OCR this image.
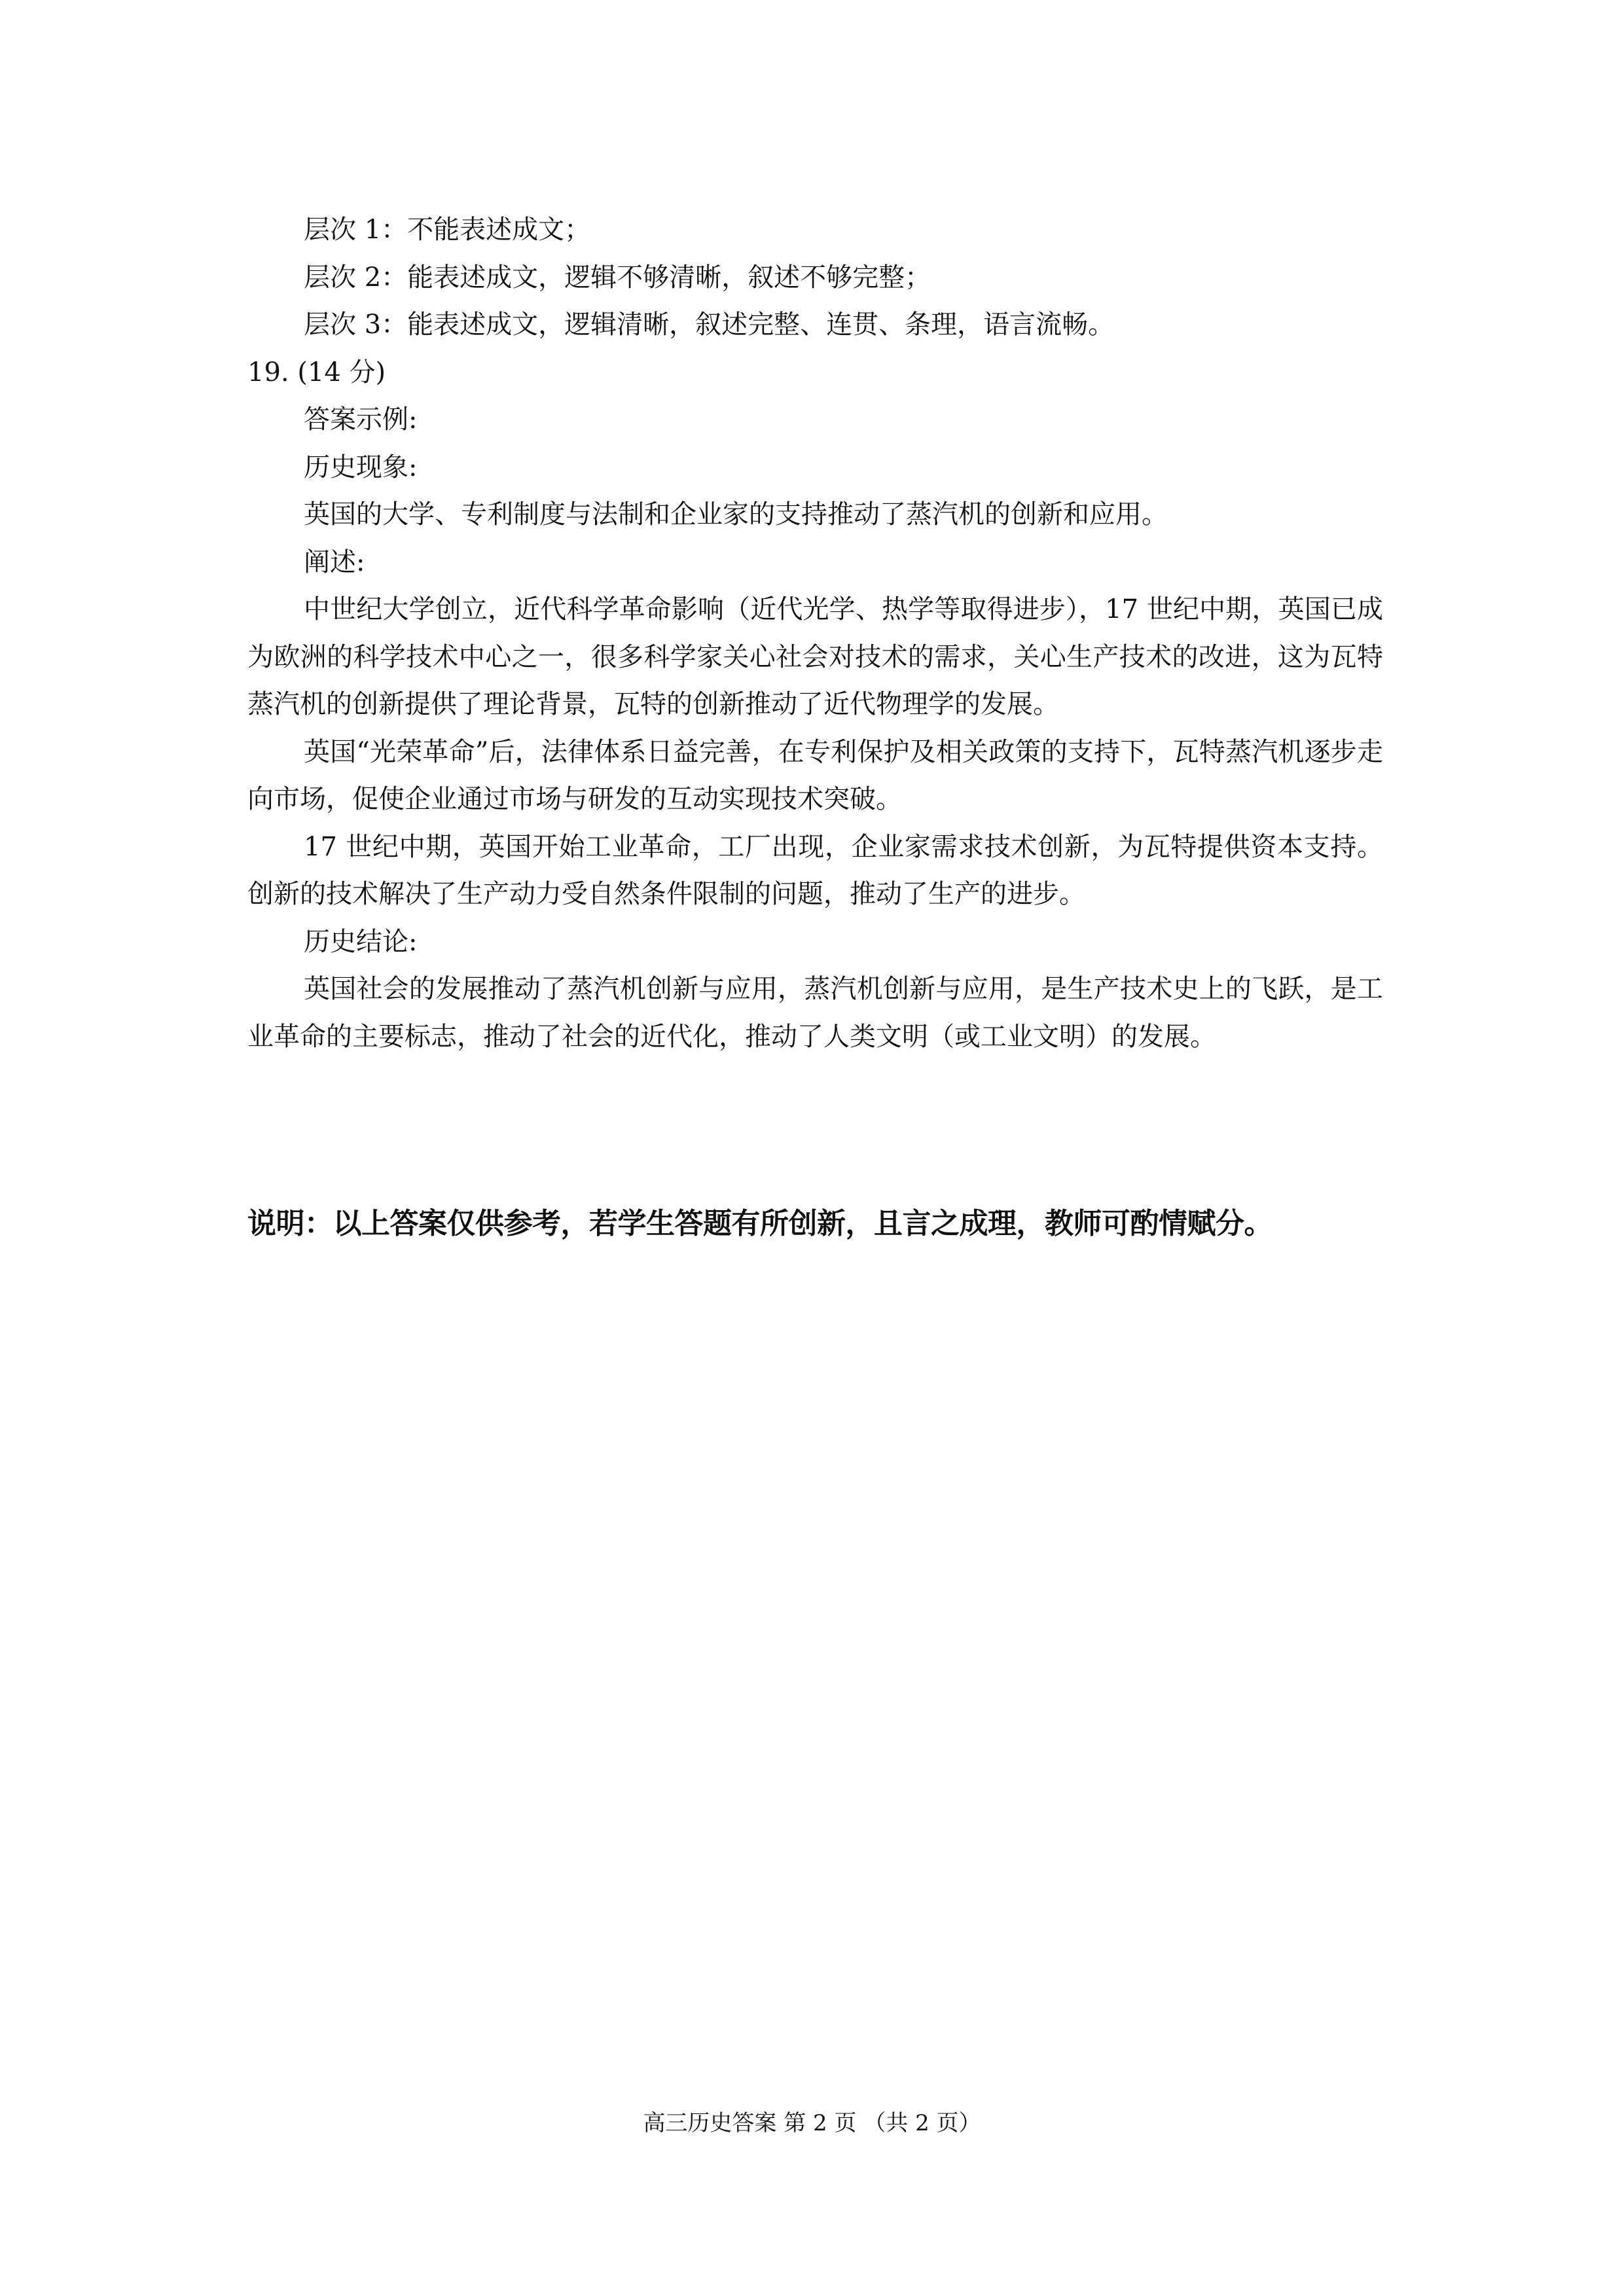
层次 1：不能表述成文；
层次 2：能表述成文，逻辑不够清晰，叙述不够完整；
层次 3：能表述成文，逻辑清晰，叙述完整、连贯、条理，语言流畅。
19. (14 分)
答案示例:
历史现象:
英国的大学、专利制度与法制和企业家的支持推动了蒸汽机的创新和应用。
阐述:

中世纪大学创立，近代科学革命影响（近代光学、热学等取得进步），17 世纪中期，英国已成为欧洲的科学技术中心之一，很多科学家关心社会对技术的需求，关心生产技术的改进，这为瓦特蒸汽机的创新提供了理论背景，瓦特的创新推动了近代物理学的发展。

英国“光荣革命”后，法律体系日益完善，在专利保护及相关政策的支持下，瓦特蒸汽机逐步走向市场，促使企业通过市场与研发的互动实现技术突破。

17 世纪中期，英国开始工业革命，工厂出现，企业家需求技术创新，为瓦特提供资本支持。创新的技术解决了生产动力受自然条件限制的问题，推动了生产的进步。

历史结论:

英国社会的发展推动了蒸汽机创新与应用，蒸汽机创新与应用，是生产技术史上的飞跃，是工业革命的主要标志，推动了社会的近代化，推动了人类文明（或工业文明）的发展。

说明：以上答案仅供参考，若学生答题有所创新，且言之成理，教师可酌情赋分。
高三历史答案 第 2 页 （共 2 页）
